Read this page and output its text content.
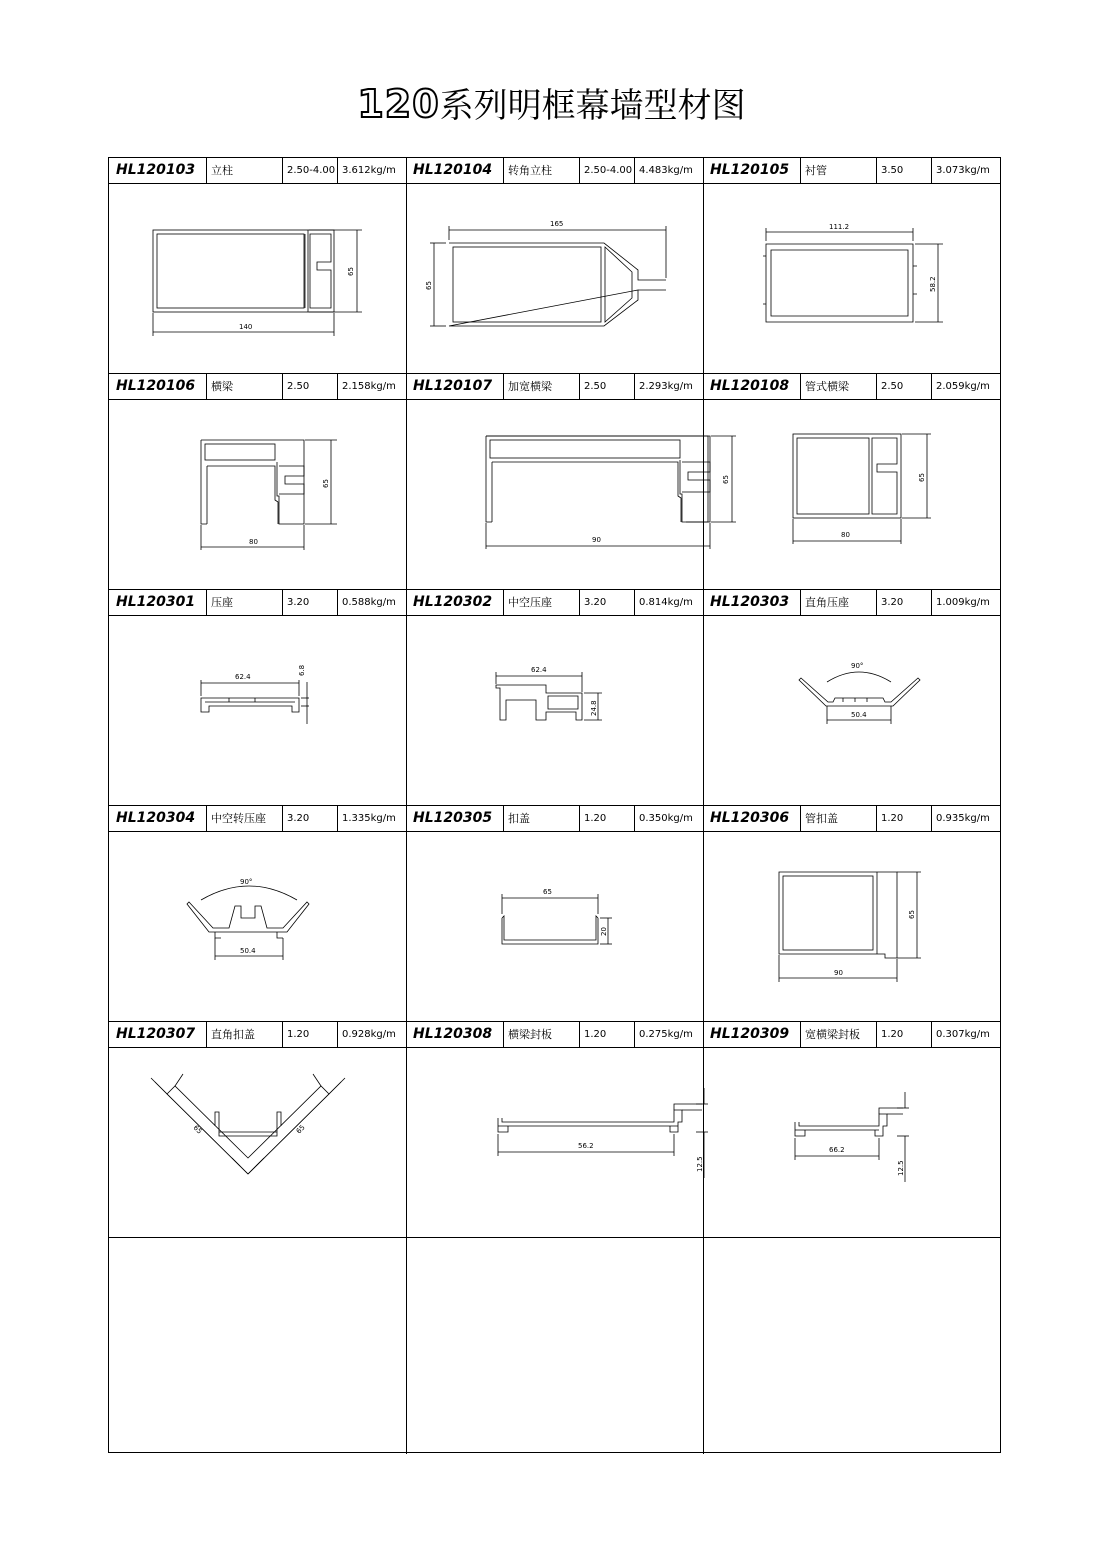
120系列明框幕墙型材图
HL120103	立柱	2.50-4.00 3.612kg/m
140
65
HL120104	转角立柱	2.50-4.00 4.483kg/m
165
65
HL120105	衬管	3.50	3.073kg/m
111.2
58.2
HL120106	横梁	2.50	2.158kg/m
80
65
HL120107	加宽横梁	2.50	2.293kg/m
90
65
HL120108	管式横梁	2.50	2.059kg/m
80
65
HL120301	压座	3.20	0.588kg/m
62.4
6.8
HL120302	中空压座	3.20	0.814kg/m
62.4
24.8
HL120303	直角压座	3.20	1.009kg/m
90°
50.4
HL120304	中空转压座	3.20	1.335kg/m
90°
50.4
HL120305	扣盖	1.20	0.350kg/m
65
20
HL120306	管扣盖	1.20	0.935kg/m
90
65
HL120307	直角扣盖	1.20	0.928kg/m
65	65
HL120308	横梁封板	1.20	0.275kg/m
56.2
12.5
HL120309	宽横梁封板	1.20	0.307kg/m
66.2
12.5
